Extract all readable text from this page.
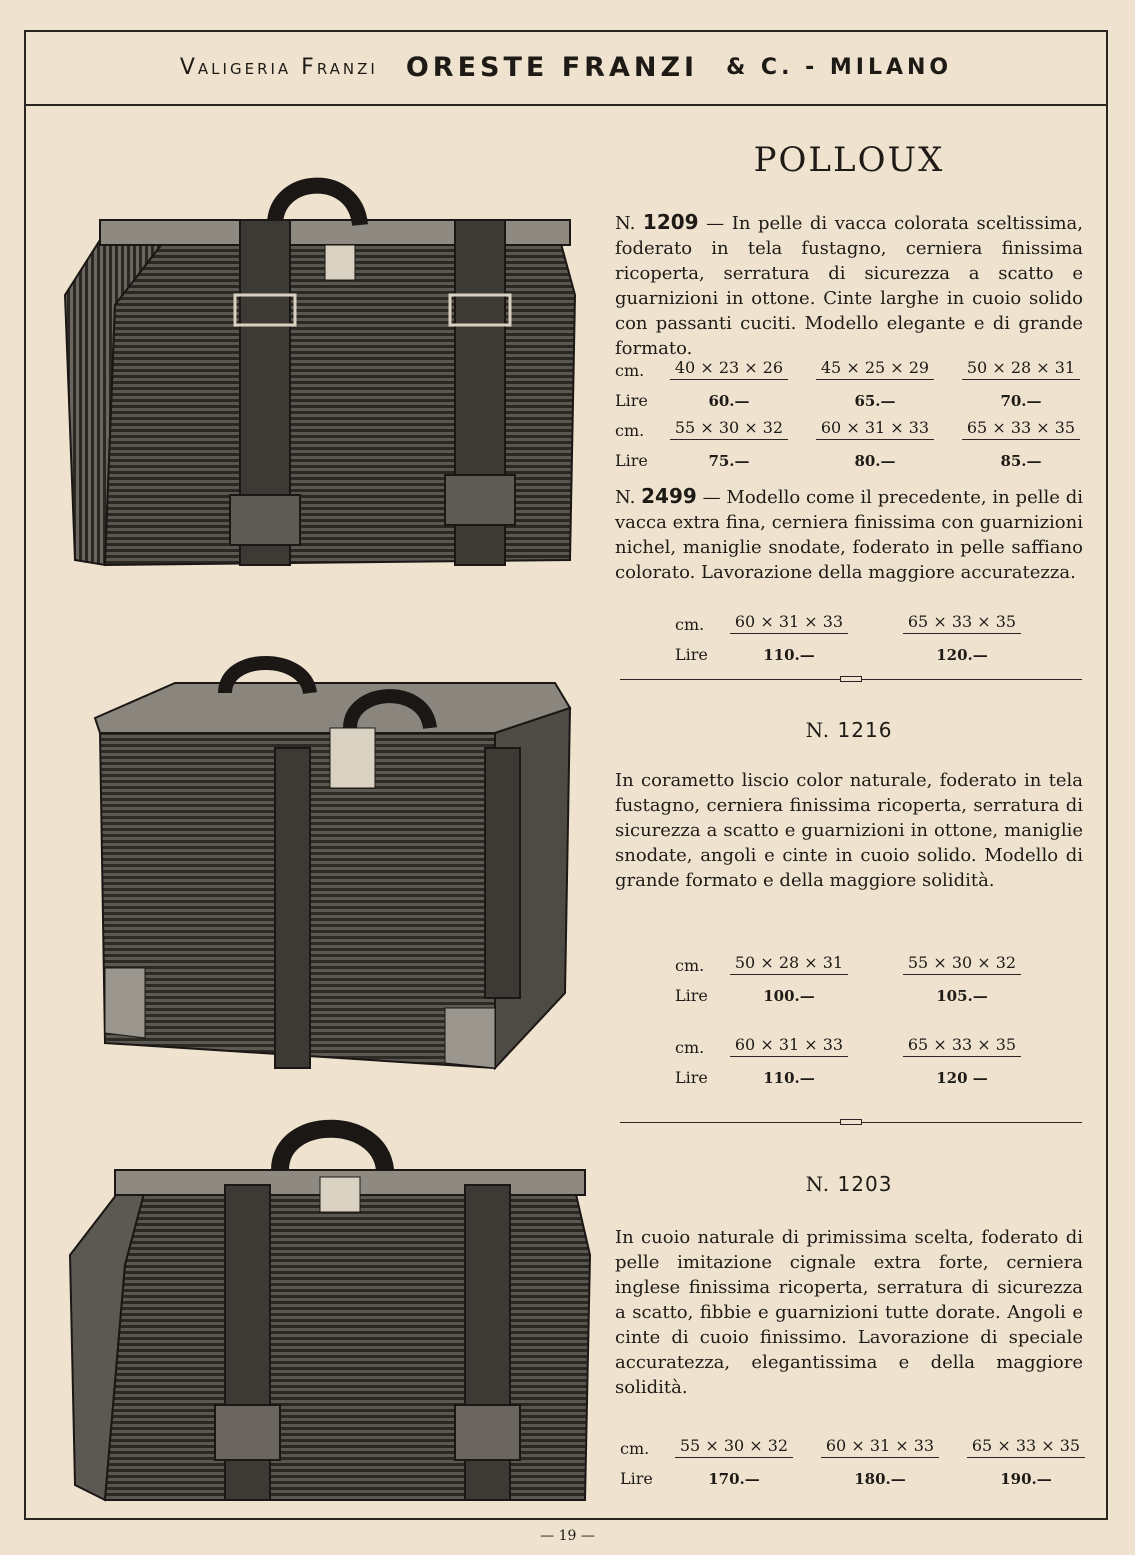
Valigeria Franzi ORESTE FRANZI & C. - MILANO
POLLOUX

N. 1209 — In pelle di vacca colorata sceltissima, foderato in tela fustagno, cerniera finissima ricoperta, serratura di sicurezza a scatto e guarnizioni in ottone. Cinte larghe in cuoio solido con passanti cuciti. Modello elegante e di grande formato.

cm.	40 × 23 × 26	45 × 25 × 29	50 × 28 × 31
Lire	60.—	65.—	70.—
cm.	55 × 30 × 32	60 × 31 × 33	65 × 33 × 35
Lire	75.—	80.—	85.—

N. 2499 — Modello come il precedente, in pelle di vacca extra fina, cerniera finissima con guarnizioni nichel, maniglie snodate, foderato in pelle saffiano colorato. Lavorazione della maggiore accuratezza.

cm.	60 × 31 × 33	65 × 33 × 35
Lire	110.—	120.—
N. 1216

In corametto liscio color naturale, foderato in tela fustagno, cerniera finissima ricoperta, serratura di sicurezza a scatto e guarnizioni in ottone, maniglie snodate, angoli e cinte in cuoio solido. Modello di grande formato e della maggiore solidità.

cm.	50 × 28 × 31	55 × 30 × 32
Lire	100.—	105.—
cm.	60 × 31 × 33	65 × 33 × 35
Lire	110.—	120 —
N. 1203

In cuoio naturale di primissima scelta, foderato di pelle imitazione cignale extra forte, cerniera inglese finissima ricoperta, serratura di sicurezza a scatto, fibbie e guarnizioni tutte dorate. Angoli e cinte di cuoio finissimo. Lavorazione di speciale accuratezza, elegantissima e della maggiore solidità.

cm.	55 × 30 × 32	60 × 31 × 33	65 × 33 × 35
Lire	170.—	180.—	190.—
— 19 —
